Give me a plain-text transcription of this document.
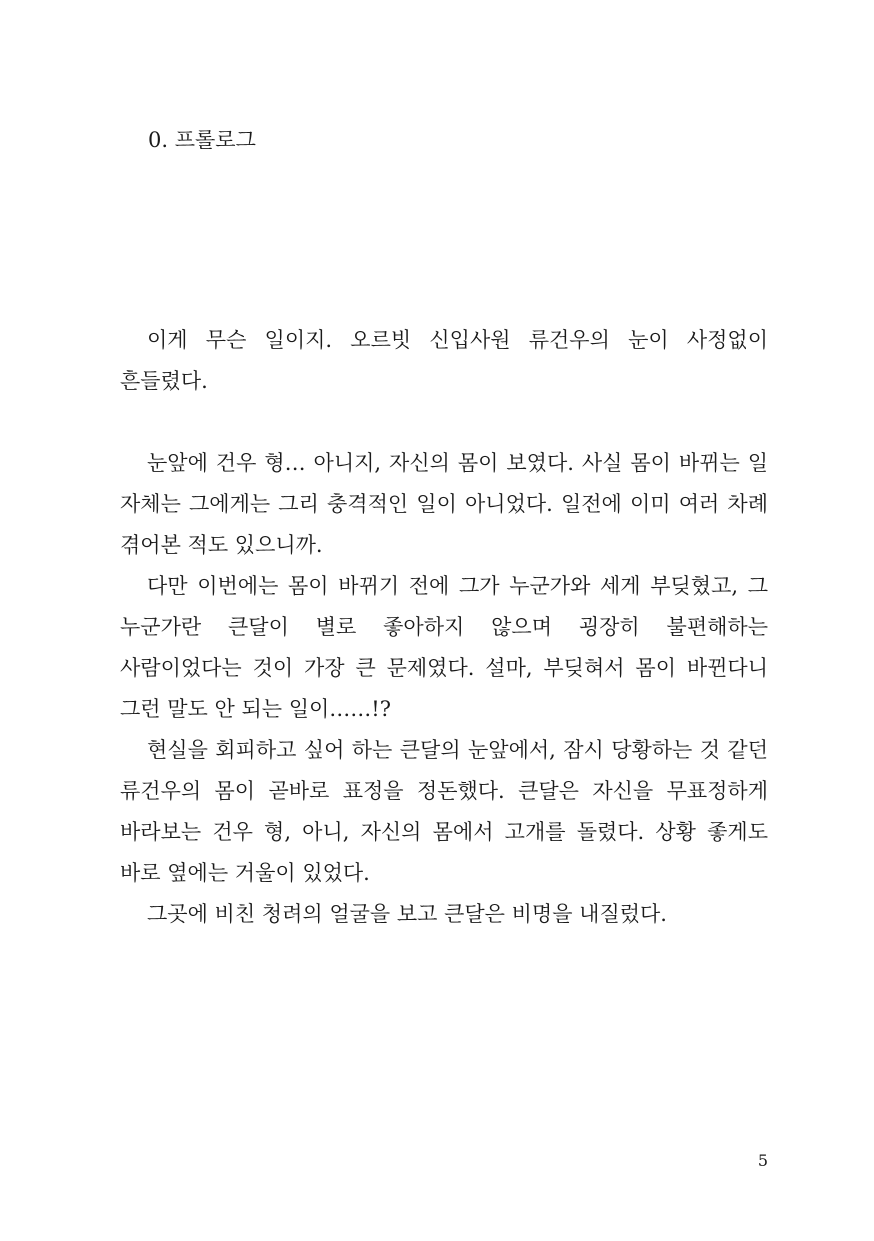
0. 프롤로그

이게 무슨 일이지. 오르빗 신입사원 류건우의 눈이 사정없이 흔들렸다.

눈앞에 건우 형… 아니지, 자신의 몸이 보였다. 사실 몸이 바뀌는 일 자체는 그에게는 그리 충격적인 일이 아니었다. 일전에 이미 여러 차례 겪어본 적도 있으니까.

다만 이번에는 몸이 바뀌기 전에 그가 누군가와 세게 부딪혔고, 그 누군가란 큰달이 별로 좋아하지 않으며 굉장히 불편해하는 사람이었다는 것이 가장 큰 문제였다. 설마, 부딪혀서 몸이 바뀐다니 그런 말도 안 되는 일이……!?

현실을 회피하고 싶어 하는 큰달의 눈앞에서, 잠시 당황하는 것 같던 류건우의 몸이 곧바로 표정을 정돈했다. 큰달은 자신을 무표정하게 바라보는 건우 형, 아니, 자신의 몸에서 고개를 돌렸다. 상황 좋게도 바로 옆에는 거울이 있었다.

그곳에 비친 청려의 얼굴을 보고 큰달은 비명을 내질렀다.

5
